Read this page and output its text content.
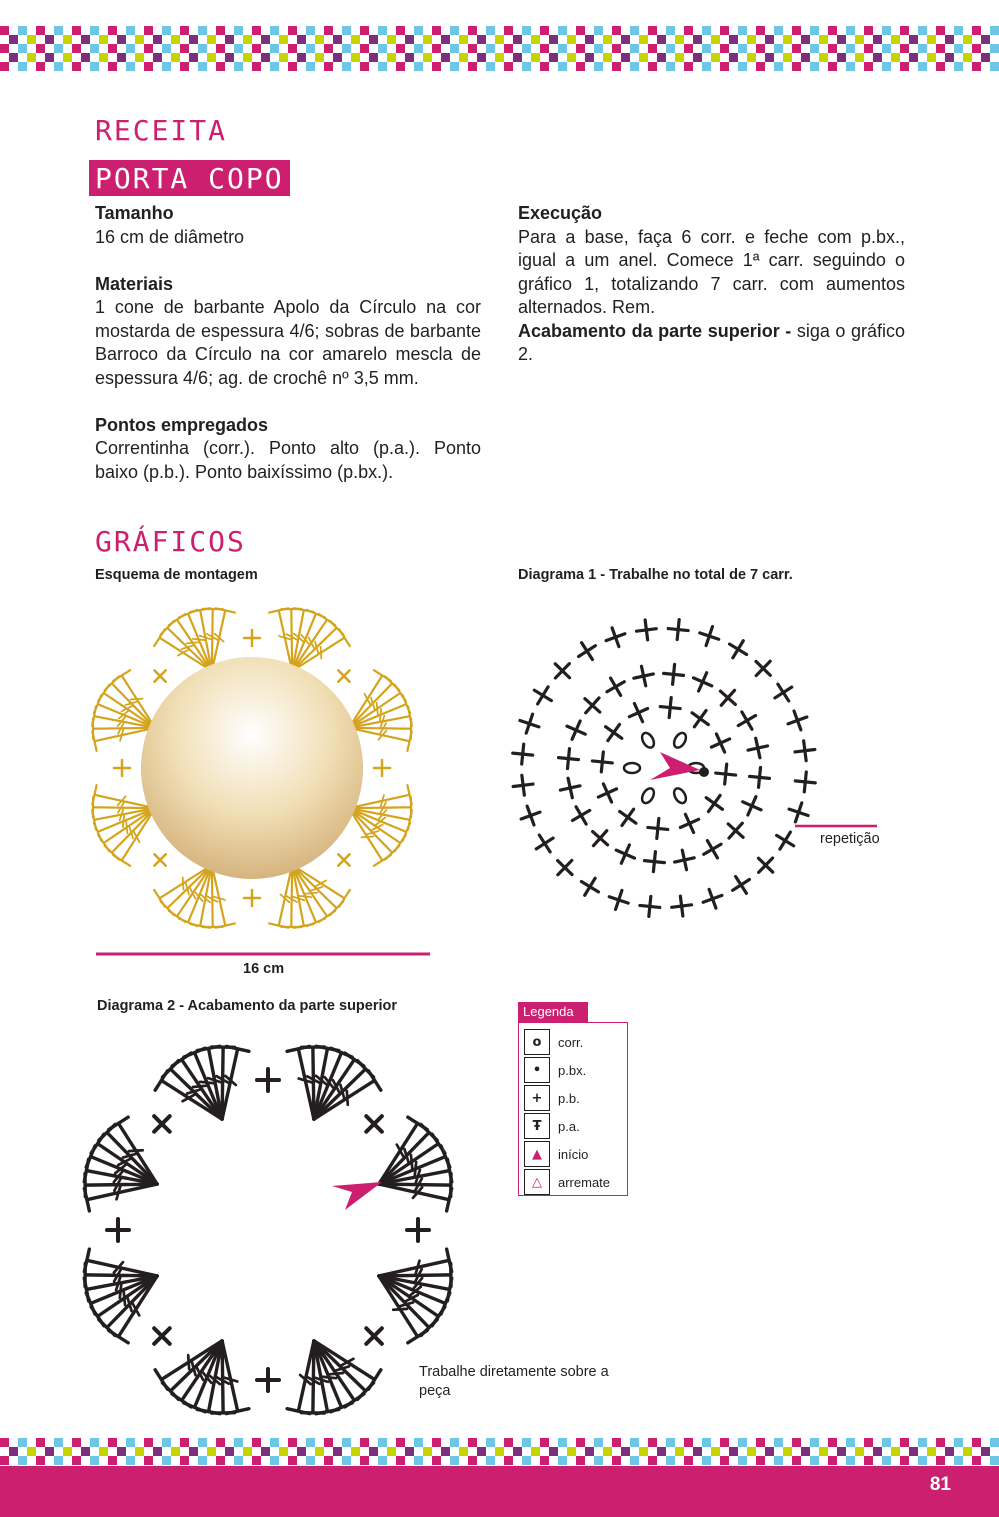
81
RECEITA
PORTA COPO
Tamanho
16 cm de diâmetro
Materiais
1 cone de barbante Apolo da Círculo na cor mostarda de espessura 4/6; sobras de barbante Barroco da Círculo na cor amarelo mescla de espessura 4/6; ag. de crochê nº 3,5 mm.
Pontos empregados
Correntinha (corr.). Ponto alto (p.a.). Ponto baixo (p.b.). Ponto baixíssimo (p.bx.).
Execução
Para a base, faça 6 corr. e feche com p.bx., igual a um anel. Comece 1ª carr. seguindo o gráfico 1, totalizando 7 carr. com aumentos alternados. Rem.
Acabamento da parte superior - siga o gráfico 2.
GRÁFICOS
Esquema de montagem	Diagrama 1 - Trabalhe no total de 7 carr.
Diagrama 2 - Acabamento da parte superior
16 cm
repetição
Trabalhe diretamente sobre a peça
Legenda
o	corr.
•	p.bx.
+	p.b.
Ŧ	p.a.
▲	início
△	arremate
